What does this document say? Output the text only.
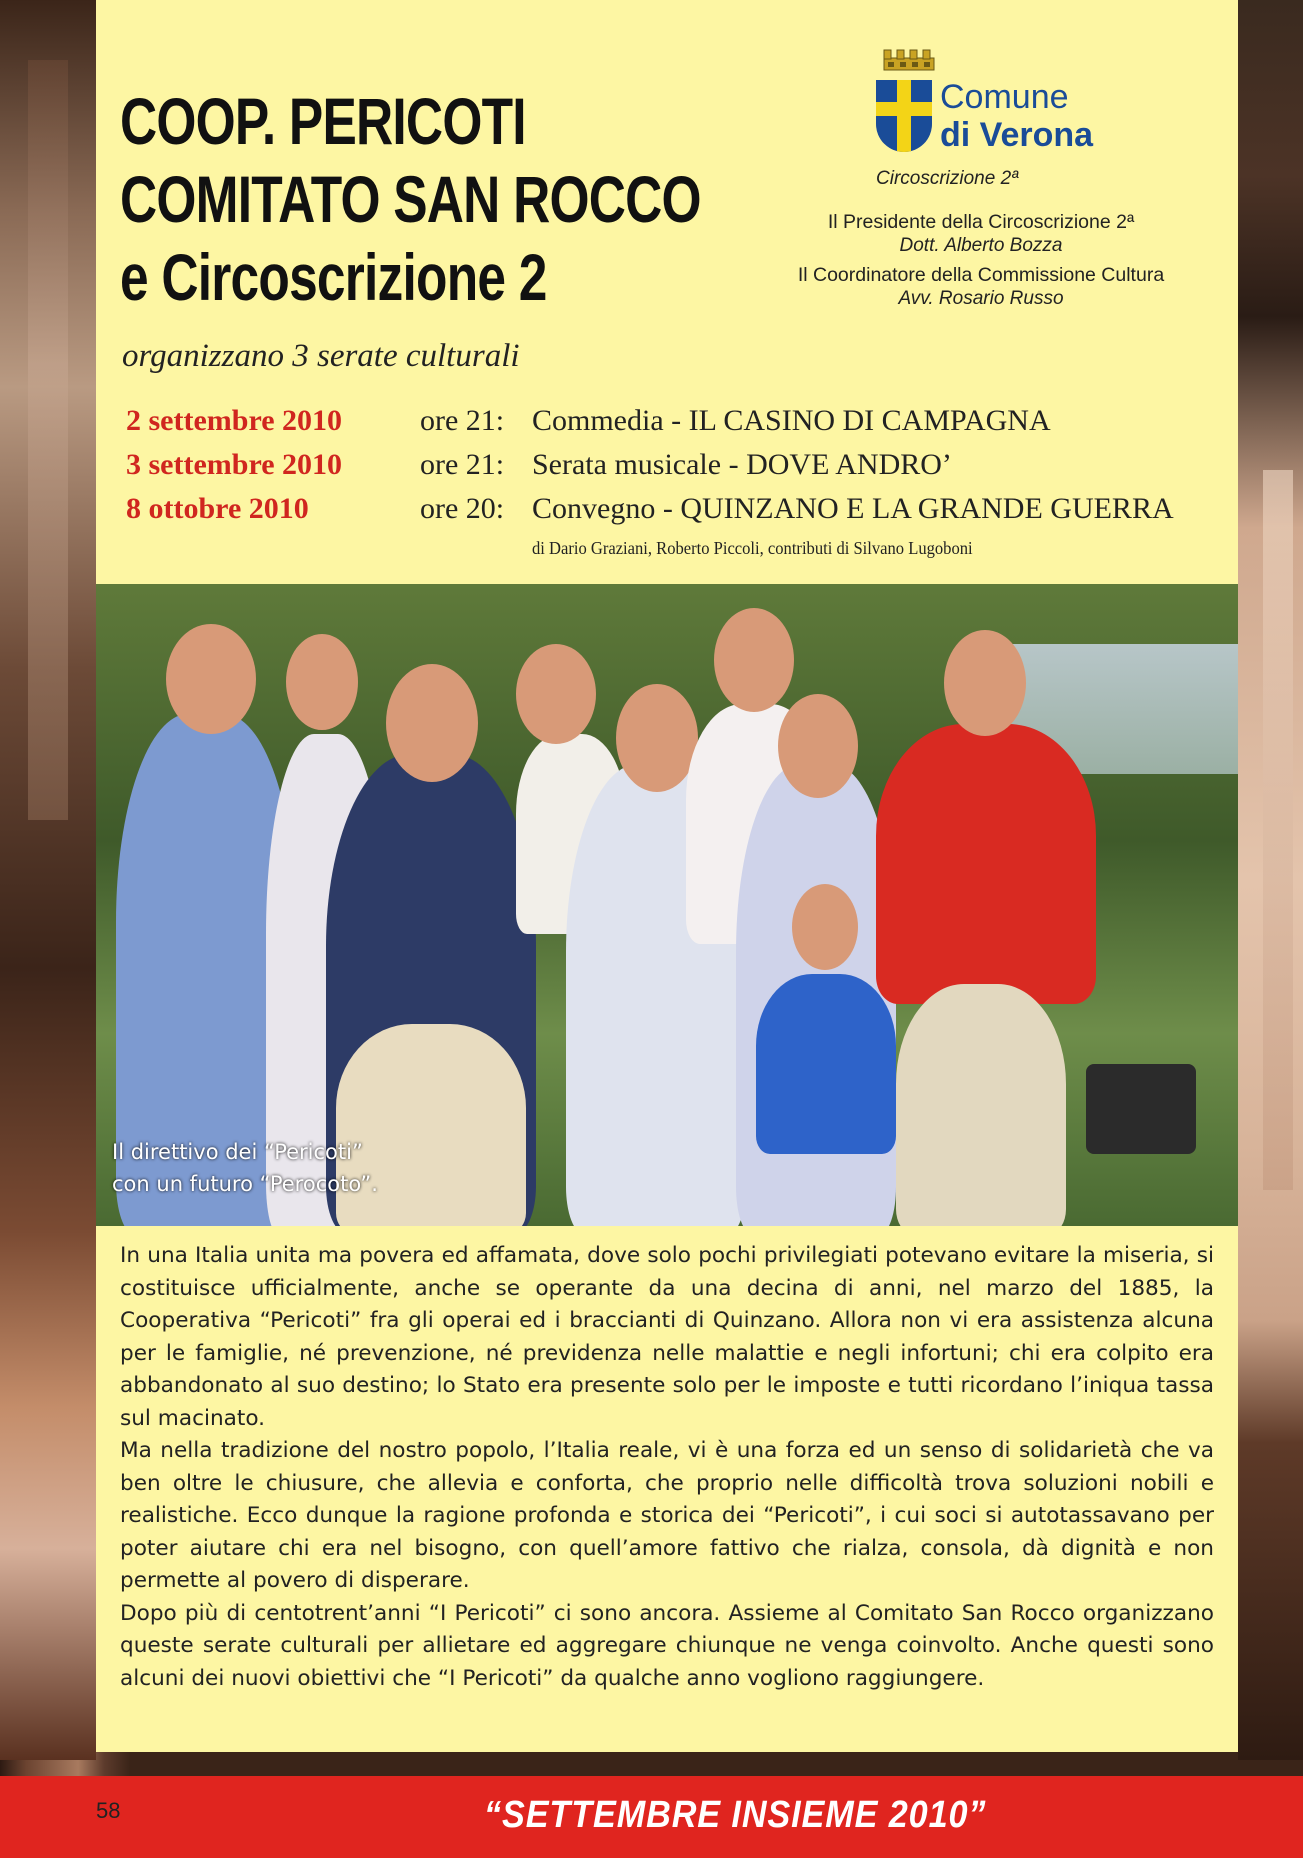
COOP. PERICOTI
COMITATO SAN ROCCO
e Circoscrizione 2
organizzano 3 serate culturali
Comune
di Verona
Circoscrizione 2ª
Il Presidente della Circoscrizione 2ª
Dott. Alberto Bozza
Il Coordinatore della Commissione Cultura
Avv. Rosario Russo
2 settembre 2010	ore 21: Commedia - IL CASINO DI CAMPAGNA
3 settembre 2010	ore 21: Serata musicale - DOVE ANDRO’
8 ottobre 2010	ore 20: Convegno - QUINZANO E LA GRANDE GUERRA
di Dario Graziani, Roberto Piccoli, contributi di Silvano Lugoboni
Il direttivo dei “Pericoti”
con un futuro “Perocoto”.

In una Italia unita ma povera ed affamata, dove solo pochi privilegiati potevano evitare la miseria, si costituisce ufficialmente, anche se operante da una decina di anni, nel marzo del 1885, la Cooperativa “Pericoti” fra gli operai ed i braccianti di Quinzano. Allora non vi era assistenza alcuna per le famiglie, né prevenzione, né previdenza nelle malattie e negli infortuni; chi era colpito era abbandonato al suo destino; lo Stato era presente solo per le imposte e tutti ricordano l’iniqua tassa sul macinato.

Ma nella tradizione del nostro popolo, l’Italia reale, vi è una forza ed un senso di solidarietà che va ben oltre le chiusure, che allevia e conforta, che proprio nelle difficoltà trova soluzioni nobili e realistiche. Ecco dunque la ragione profonda e storica dei “Pericoti”, i cui soci si autotassavano per poter aiutare chi era nel bisogno, con quell’amore fattivo che rialza, consola, dà dignità e non permette al povero di disperare.

Dopo più di centotrent’anni “I Pericoti” ci sono ancora. Assieme al Comitato San Rocco organizzano queste serate culturali per allietare ed aggregare chiunque ne venga coinvolto. Anche questi sono alcuni dei nuovi obiettivi che “I Pericoti” da qualche anno vogliono raggiungere.

58	“SETTEMBRE INSIEME 2010”
